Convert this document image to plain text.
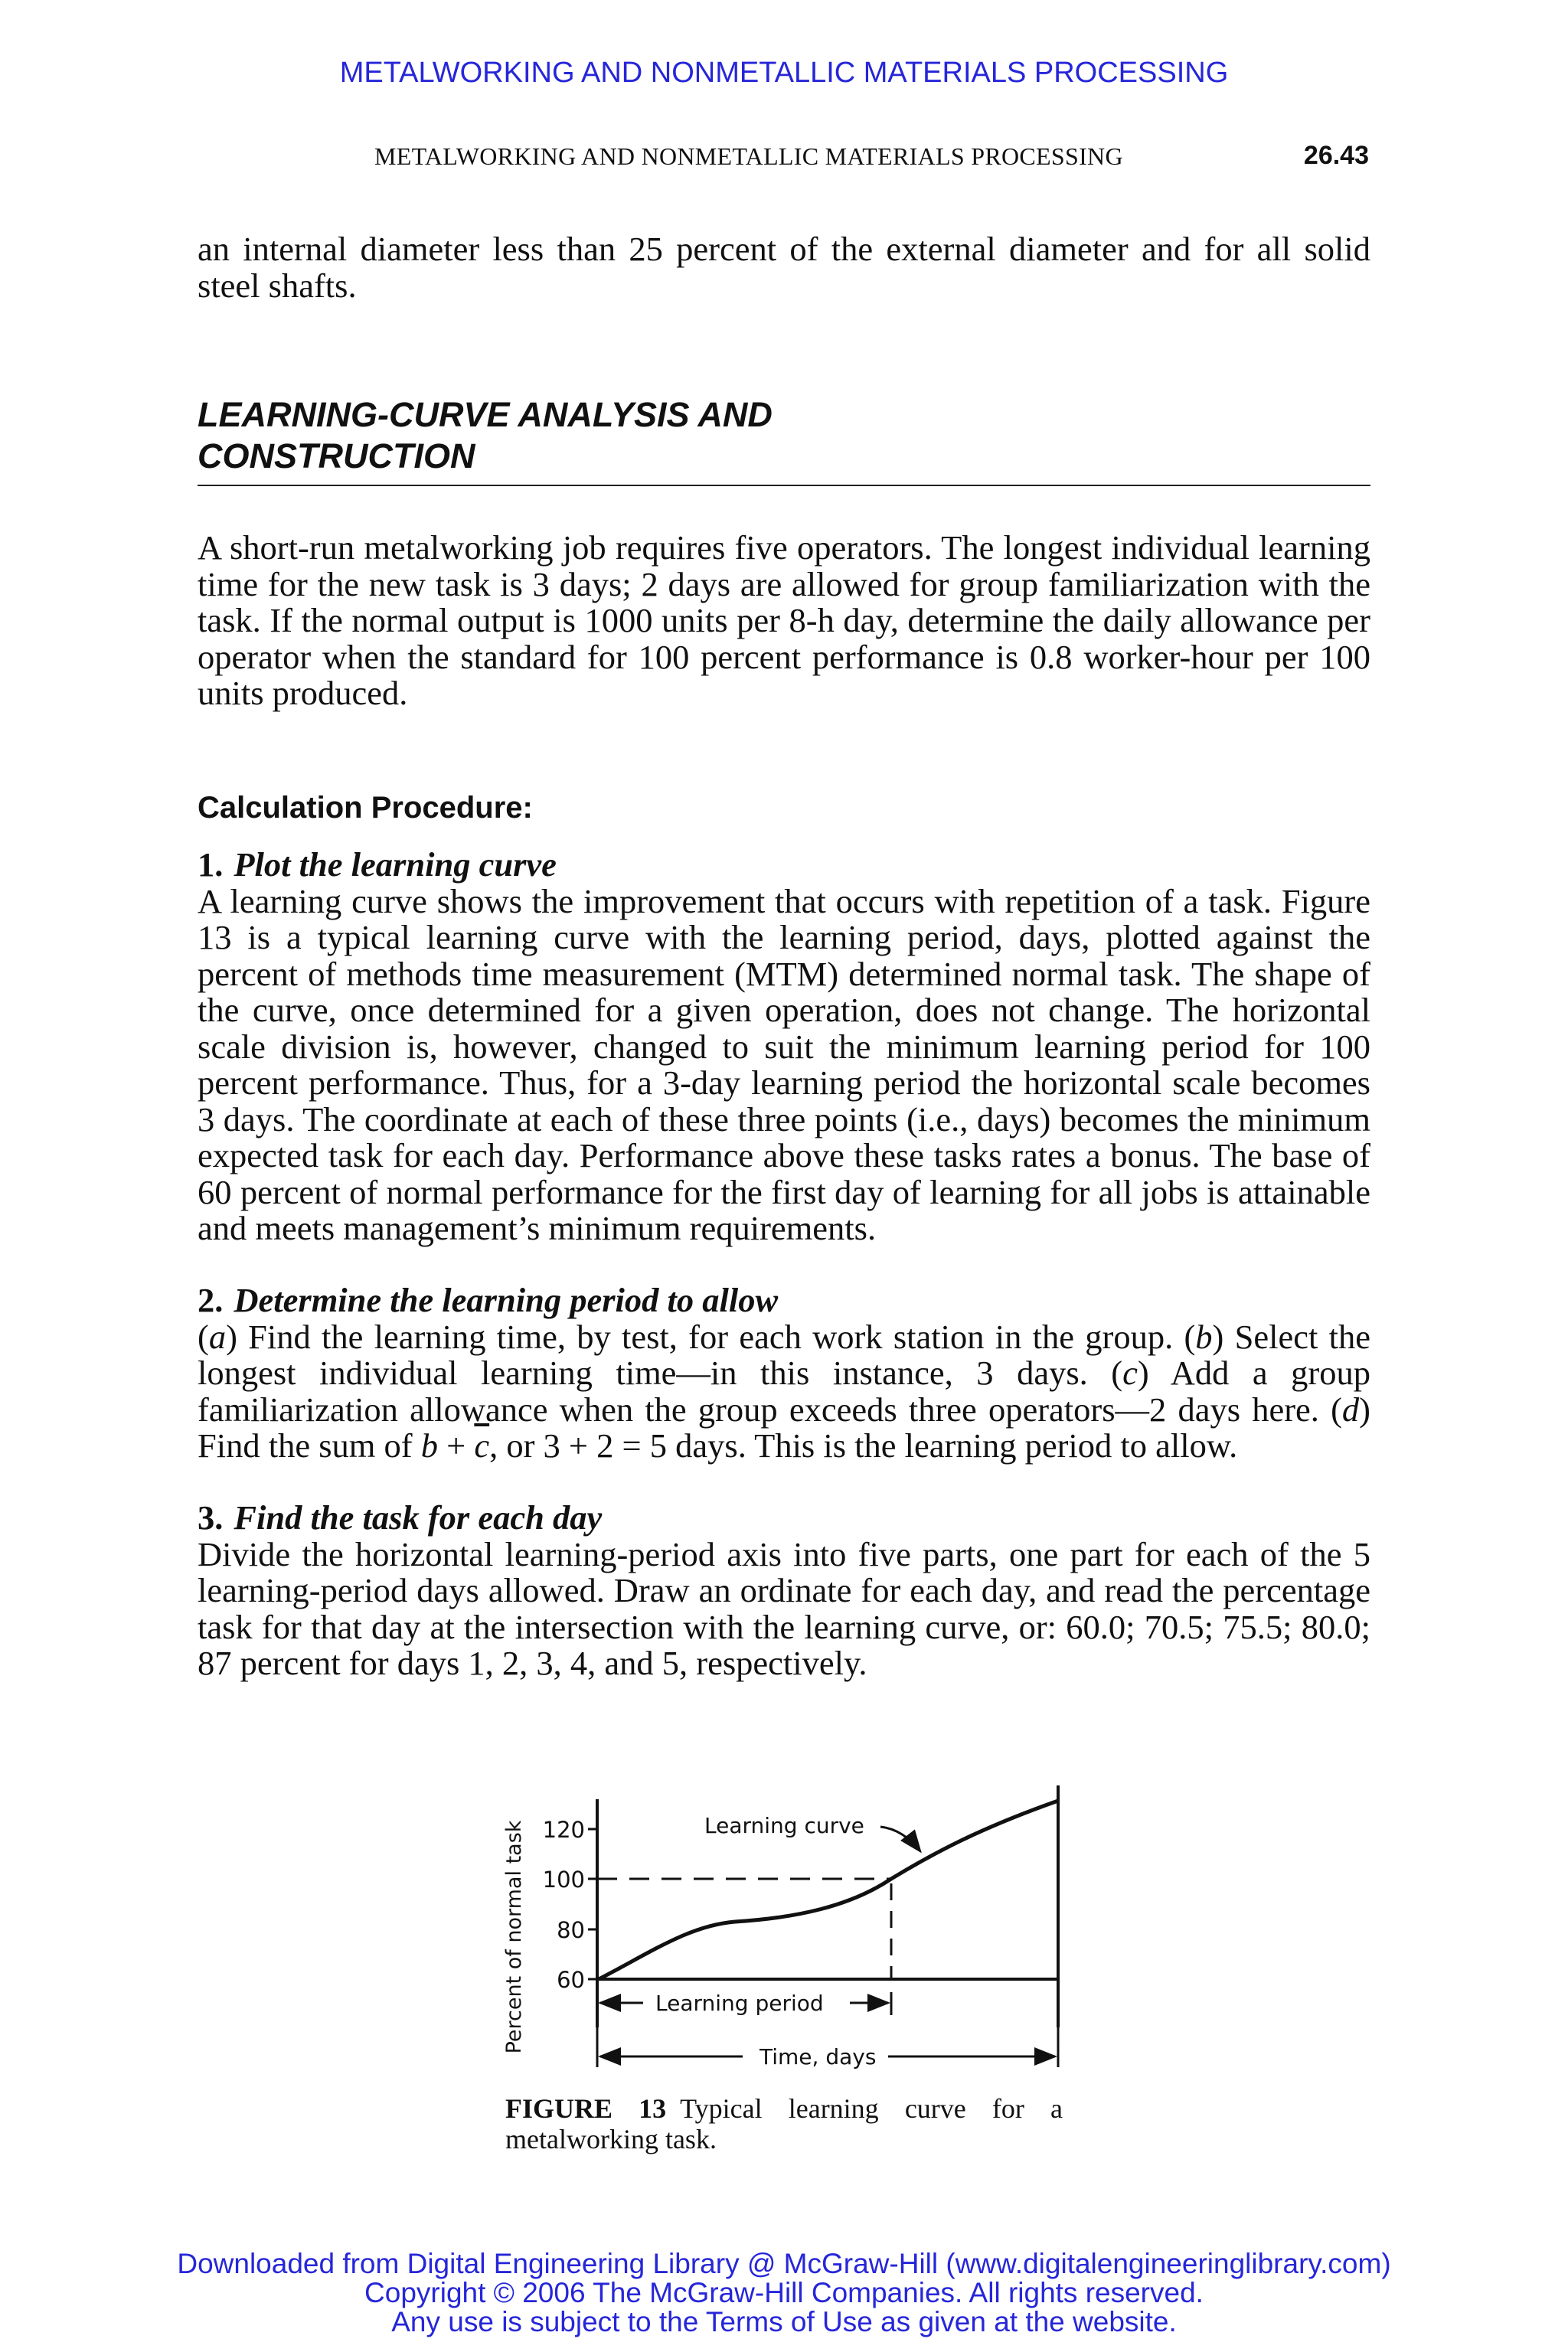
METALWORKING AND NONMETALLIC MATERIALS PROCESSING
METALWORKING AND NONMETALLIC MATERIALS PROCESSING	26.43

an internal diameter less than 25 percent of the external diameter and for all solid steel shafts.

LEARNING-CURVE ANALYSIS AND
CONSTRUCTION

A short-run metalworking job requires five operators. The longest individual learning time for the new task is 3 days; 2 days are allowed for group familiarization with the task. If the normal output is 1000 units per 8-h day, determine the daily allowance per operator when the standard for 100 percent performance is 0.8 worker-hour per 100 units produced.

Calculation Procedure:

1. Plot the learning curve

A learning curve shows the improvement that occurs with repetition of a task. Figure 13 is a typical learning curve with the learning period, days, plotted against the percent of methods time measurement (MTM) determined normal task. The shape of the curve, once determined for a given operation, does not change. The horizontal scale division is, however, changed to suit the minimum learning period for 100 percent performance. Thus, for a 3-day learning period the horizontal scale becomes 3 days. The coordinate at each of these three points (i.e., days) becomes the minimum expected task for each day. Performance above these tasks rates a bonus. The base of 60 percent of normal performance for the first day of learning for all jobs is attainable and meets management’s minimum requirements.

2. Determine the learning period to allow

(a) Find the learning time, by test, for each work station in the group. (b) Select the longest individual learning time—in this instance, 3 days. (c) Add a group familiarization allowance when the group exceeds three operators—2 days here. (d) Find the sum of $b + \overline{c}$, or 3 + 2 = 5 days. This is the learning period to allow.

3. Find the task for each day

Divide the horizontal learning-period axis into five parts, one part for each of the 5 learning-period days allowed. Draw an ordinate for each day, and read the percentage task for that day at the intersection with the learning curve, or: 60.0; 70.5; 75.5; 80.0; 87 percent for days 1, 2, 3, 4, and 5, respectively.

Percent of normal task 120
100
80
60
Learning curve
Learning period
Time, days
FIGURE 13 Typical learning curve for a metalworking task.
Downloaded from Digital Engineering Library @ McGraw-Hill (www.digitalengineeringlibrary.com)
Copyright © 2006 The McGraw-Hill Companies. All rights reserved.
Any use is subject to the Terms of Use as given at the website.
